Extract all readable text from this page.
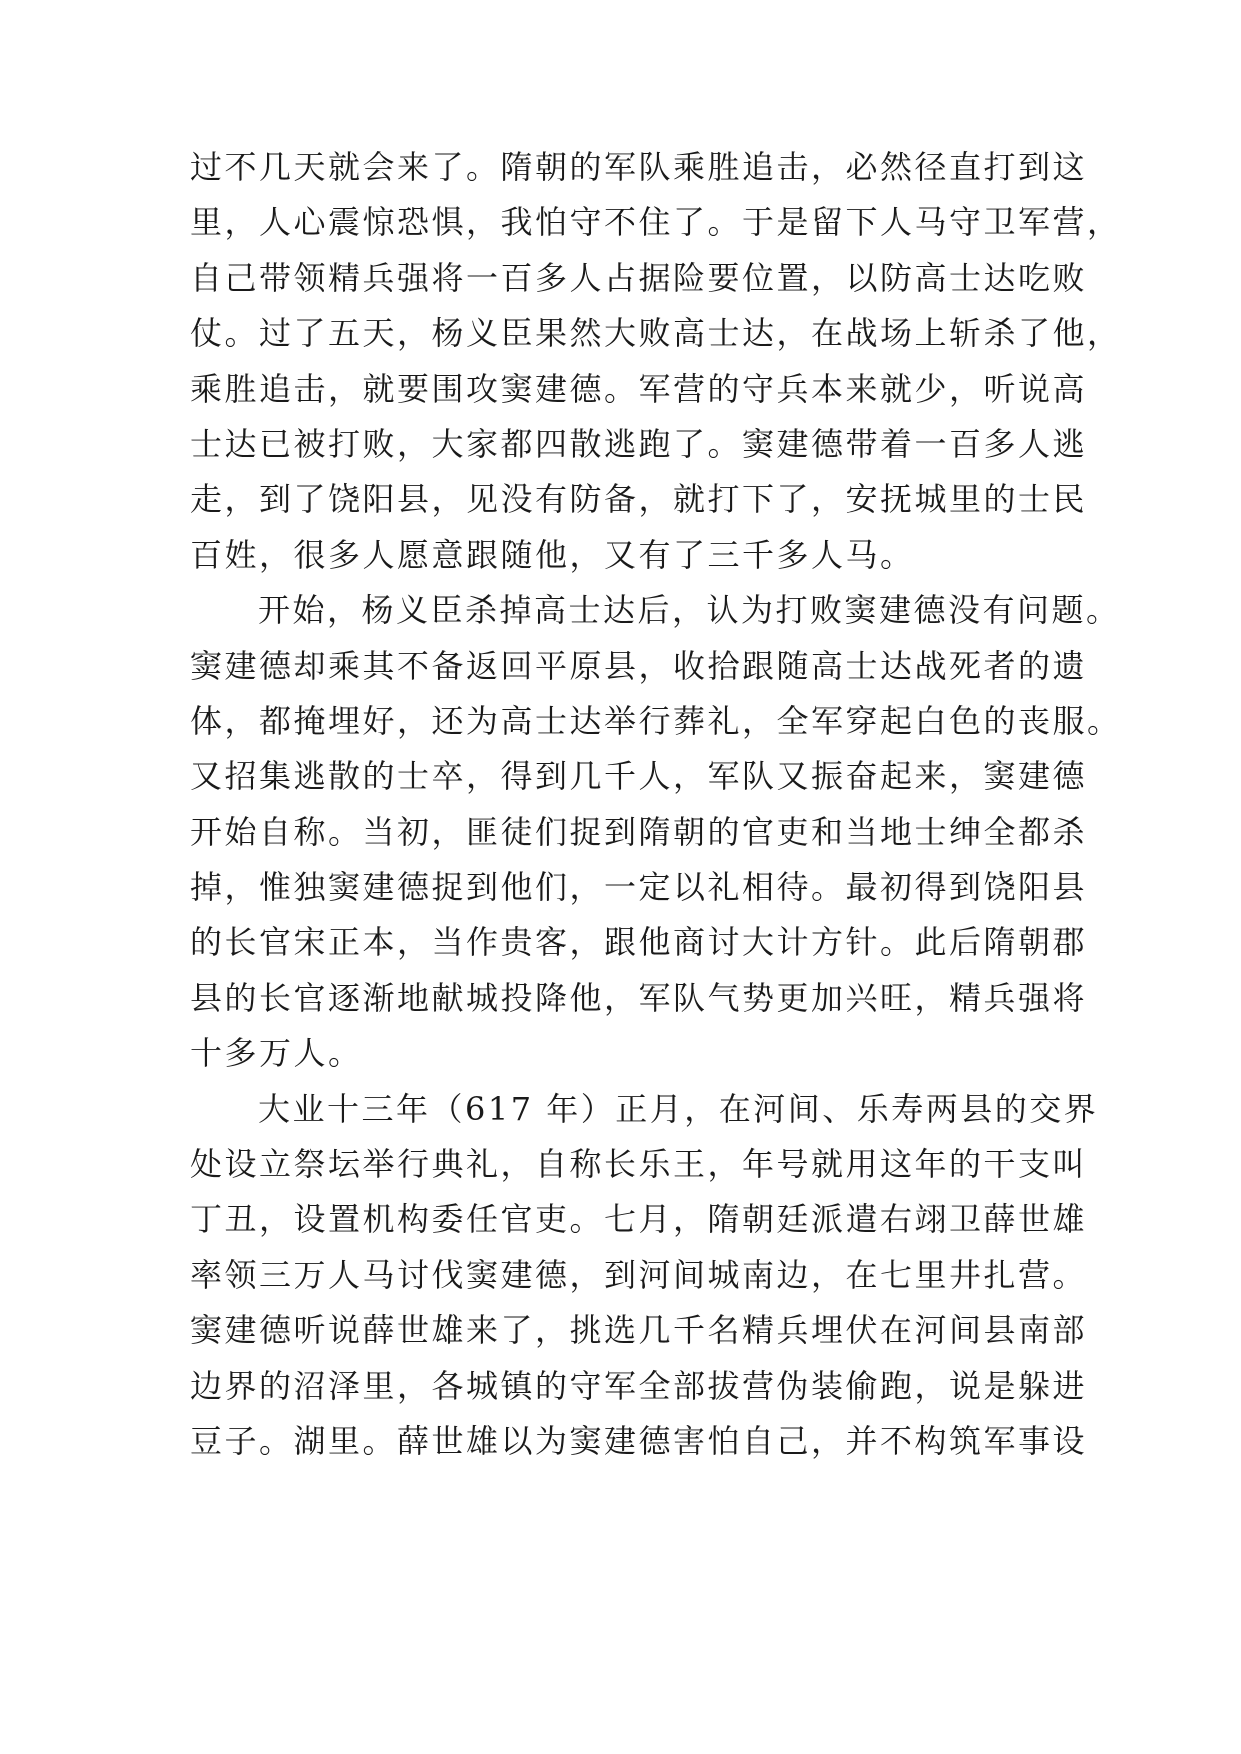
过不几天就会来了。隋朝的军队乘胜追击，必然径直打到这
里，人心震惊恐惧，我怕守不住了。于是留下人马守卫军营，
自己带领精兵强将一百多人占据险要位置，以防高士达吃败
仗。过了五天，杨义臣果然大败高士达，在战场上斩杀了他，
乘胜追击，就要围攻窦建德。军营的守兵本来就少，听说高
士达已被打败，大家都四散逃跑了。窦建德带着一百多人逃
走，到了饶阳县，见没有防备，就打下了，安抚城里的士民
百姓，很多人愿意跟随他，又有了三千多人马。
开始，杨义臣杀掉高士达后，认为打败窦建德没有问题。
窦建德却乘其不备返回平原县，收拾跟随高士达战死者的遗
体，都掩埋好，还为高士达举行葬礼，全军穿起白色的丧服。
又招集逃散的士卒，得到几千人，军队又振奋起来，窦建德
开始自称。当初，匪徒们捉到隋朝的官吏和当地士绅全都杀
掉，惟独窦建德捉到他们，一定以礼相待。最初得到饶阳县
的长官宋正本，当作贵客，跟他商讨大计方针。此后隋朝郡
县的长官逐渐地献城投降他，军队气势更加兴旺，精兵强将
十多万人。
大业十三年（617 年）正月，在河间、乐寿两县的交界
处设立祭坛举行典礼，自称长乐王，年号就用这年的干支叫
丁丑，设置机构委任官吏。七月，隋朝廷派遣右翊卫薛世雄
率领三万人马讨伐窦建德，到河间城南边，在七里井扎营。
窦建德听说薛世雄来了，挑选几千名精兵埋伏在河间县南部
边界的沼泽里，各城镇的守军全部拔营伪装偷跑，说是躲进
豆子。湖里。薛世雄以为窦建德害怕自己，并不构筑军事设
